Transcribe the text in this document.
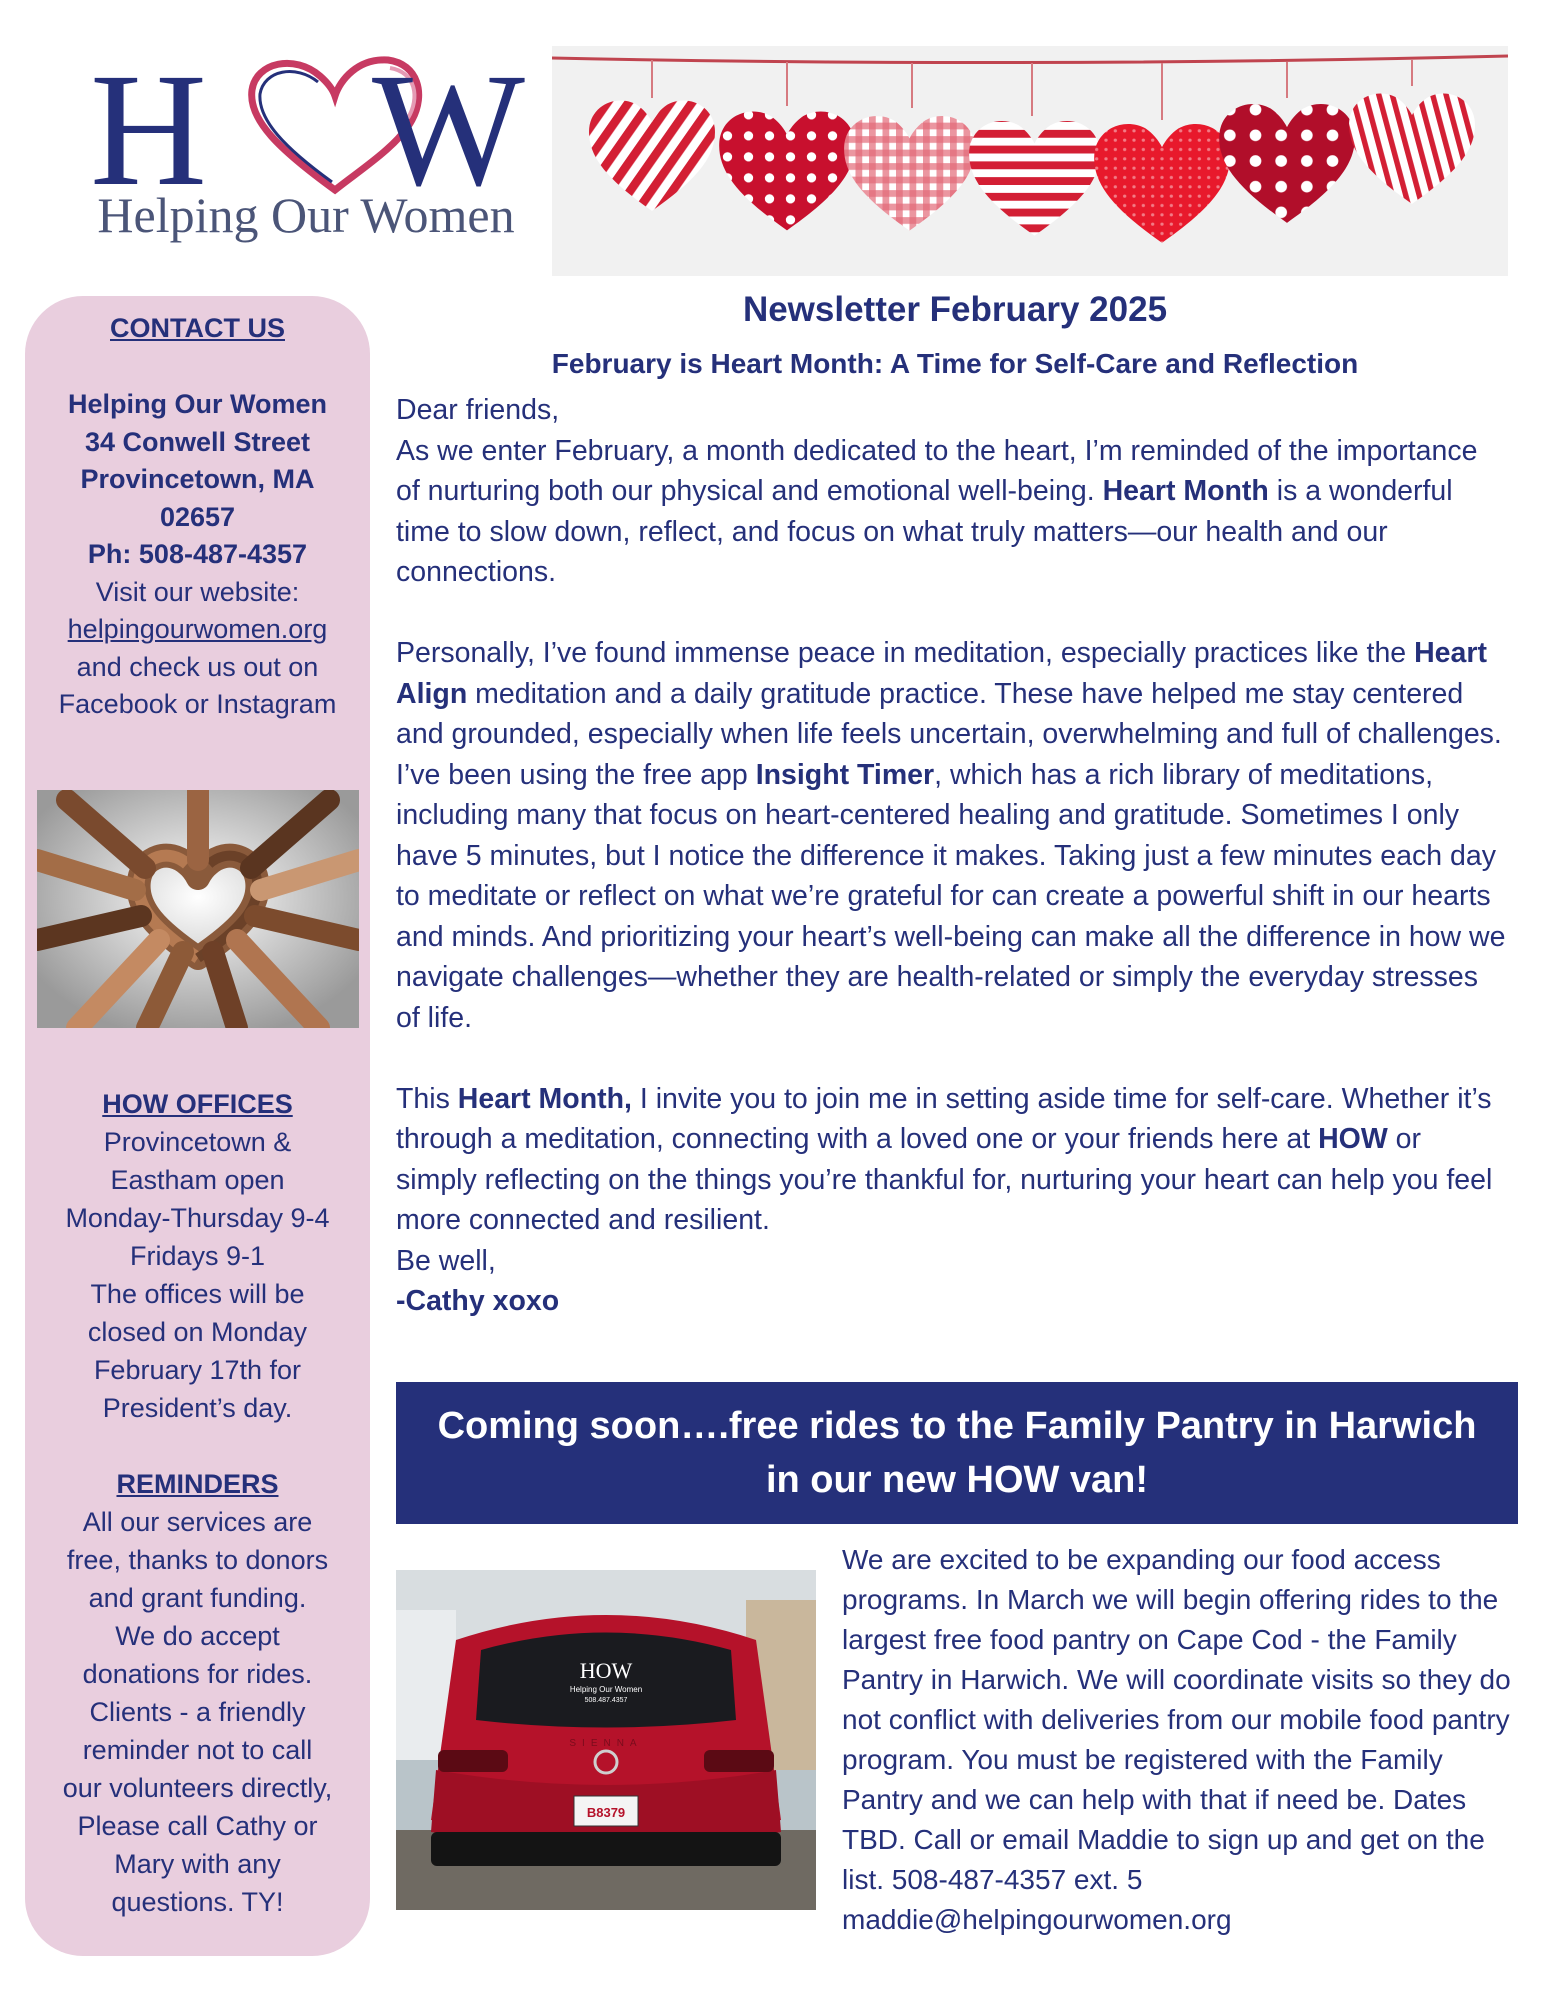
H W
Helping Our Women
CONTACT US
Helping Our Women
34 Conwell Street
Provincetown, MA
02657
Ph: 508-487-4357
Visit our website:
helpingourwomen.org
and check us out on
Facebook or Instagram
HOW OFFICES
Provincetown &
Eastham open
Monday-Thursday 9-4
Fridays 9-1
The offices will be
closed on Monday
February 17th for
President’s day.
REMINDERS
All our services are
free, thanks to donors
and grant funding.
We do accept
donations for rides.
Clients - a friendly
reminder not to call
our volunteers directly,
Please call Cathy or
Mary with any
questions. TY!
Newsletter February 2025
February is Heart Month: A Time for Self-Care and Reflection

Dear friends,

As we enter February, a month dedicated to the heart, I’m reminded of the importance of nurturing both our physical and emotional well-being. Heart Month is a wonderful time to slow down, reflect, and focus on what truly matters—our health and our connections.

Personally, I’ve found immense peace in meditation, especially practices like the Heart Align meditation and a daily gratitude practice. These have helped me stay centered and grounded, especially when life feels uncertain, overwhelming and full of challenges. I’ve been using the free app Insight Timer, which has a rich library of meditations, including many that focus on heart-centered healing and gratitude. Sometimes I only have 5 minutes, but I notice the difference it makes. Taking just a few minutes each day to meditate or reflect on what we’re grateful for can create a powerful shift in our hearts and minds. And prioritizing your heart’s well-being can make all the difference in how we navigate challenges—whether they are health-related or simply the everyday stresses of life.

This Heart Month, I invite you to join me in setting aside time for self-care. Whether it’s through a meditation, connecting with a loved one or your friends here at HOW or simply reflecting on the things you’re thankful for, nurturing your heart can help you feel more connected and resilient.

Be well,

-Cathy xoxo

Coming soon….free rides to the Family Pantry in Harwich in our new HOW van!
HOW
Helping Our Women
508.487.4357
SIENNA
B8379
We are excited to be expanding our food access programs. In March we will begin offering rides to the largest free food pantry on Cape Cod - the Family Pantry in Harwich. We will coordinate visits so they do not conflict with deliveries from our mobile food pantry program. You must be registered with the Family Pantry and we can help with that if need be. Dates TBD. Call or email Maddie to sign up and get on the list. 508-487-4357 ext. 5 maddie@helpingourwomen.org
